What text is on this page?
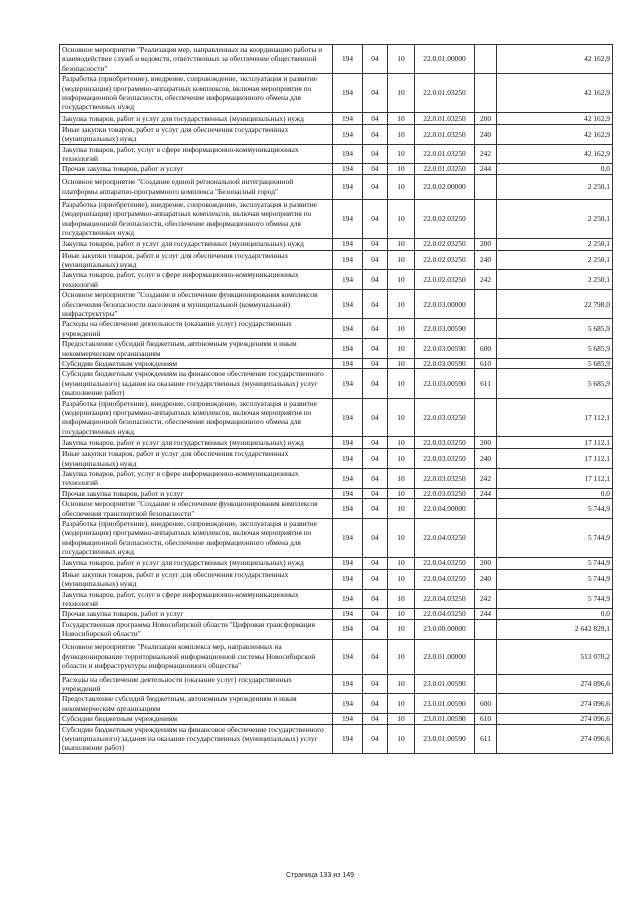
Основное мероприятие "Реализация мер, направленных на координацию работы и взаимодействие служб и ведомств, ответственных за обеспечение общественной безопасности"	194	04	10	22.0.01.00000		42 162,9
Разработка (приобретение), внедрение, сопровождение, эксплуатация и развитие (модернизация) программно-аппаратных комплексов, включая мероприятия по информационной безопасности, обеспечение информационного обмена для государственных нужд	194	04	10	22.0.01.03250		42 162,9
Закупка товаров, работ и услуг для государственных (муниципальных) нужд	194	04	10	22.0.01.03250	200	42 162,9
Иные закупки товаров, работ и услуг для обеспечения государственных (муниципальных) нужд	194	04	10	22.0.01.03250	240	42 162,9
Закупка товаров, работ, услуг в сфере информационно-коммуникационных технологий	194	04	10	22.0.01.03250	242	42 162,9
Прочая закупка товаров, работ и услуг	194	04	10	22.0.01.03250	244	0,0
Основное мероприятие "Создание единой региональной интеграционной платформы аппаратно-программного комплекса "Безопасный город"	194	04	10	22.0.02.00000		2 250,1
Разработка (приобретение), внедрение, сопровождение, эксплуатация и развитие (модернизация) программно-аппаратных комплексов, включая мероприятия по информационной безопасности, обеспечение информационного обмена для государственных нужд	194	04	10	22.0.02.03250		2 250,1
Закупка товаров, работ и услуг для государственных (муниципальных) нужд	194	04	10	22.0.02.03250	200	2 250,1
Иные закупки товаров, работ и услуг для обеспечения государственных (муниципальных) нужд	194	04	10	22.0.02.03250	240	2 250,1
Закупка товаров, работ, услуг в сфере информационно-коммуникационных технологий	194	04	10	22.0.02.03250	242	2 250,1
Основное мероприятие "Создание и обеспечение функционирования комплексов обеспечения безопасности населения и муниципальной (коммунальной) инфраструктуры"	194	04	10	22.0.03.00000		22 798,0
Расходы на обеспечение деятельности (оказание услуг) государственных учреждений	194	04	10	22.0.03.00590		5 685,9
Предоставление субсидий бюджетным, автономным учреждениям и иным некоммерческим организациям	194	04	10	22.0.03.00590	600	5 685,9
Субсидии бюджетным учреждениям	194	04	10	22.0.03.00590	610	5 685,9
Субсидии бюджетным учреждениям на финансовое обеспечение государственного (муниципального) задания на оказание государственных (муниципальных) услуг (выполнение работ)	194	04	10	22.0.03.00590	611	5 685,9
Разработка (приобретение), внедрение, сопровождение, эксплуатация и развитие (модернизация) программно-аппаратных комплексов, включая мероприятия по информационной безопасности, обеспечение информационного обмена для государственных нужд	194	04	10	22.0.03.03250		17 112,1
Закупка товаров, работ и услуг для государственных (муниципальных) нужд	194	04	10	22.0.03.03250	200	17 112,1
Иные закупки товаров, работ и услуг для обеспечения государственных (муниципальных) нужд	194	04	10	22.0.03.03250	240	17 112,1
Закупка товаров, работ, услуг в сфере информационно-коммуникационных технологий	194	04	10	22.0.03.03250	242	17 112,1
Прочая закупка товаров, работ и услуг	194	04	10	22.0.03.03250	244	0,0
Основное мероприятие "Создание и обеспечение функционирования комплексов обеспечения транспортной безопасности"	194	04	10	22.0.04.00000		5 744,9
Разработка (приобретение), внедрение, сопровождение, эксплуатация и развитие (модернизация) программно-аппаратных комплексов, включая мероприятия по информационной безопасности, обеспечение информационного обмена для государственных нужд	194	04	10	22.0.04.03250		5 744,9
Закупка товаров, работ и услуг для государственных (муниципальных) нужд	194	04	10	22.0.04.03250	200	5 744,9
Иные закупки товаров, работ и услуг для обеспечения государственных (муниципальных) нужд	194	04	10	22.0.04.03250	240	5 744,9
Закупка товаров, работ, услуг в сфере информационно-коммуникационных технологий	194	04	10	22.0.04.03250	242	5 744,9
Прочая закупка товаров, работ и услуг	194	04	10	22.0.04.03250	244	0,0
Государственная программа Новосибирской области "Цифровая трансформация Новосибирской области"	194	04	10	23.0.00.00000		2 642 829,1
Основное мероприятие "Реализация комплекса мер, направленных на функционирование территориальной информационной системы Новосибирской области и инфраструктуры информационного общества"	194	04	10	23.0.01.00000		513 070,2
Расходы на обеспечение деятельности (оказание услуг) государственных учреждений	194	04	10	23.0.01.00590		274 096,6
Предоставление субсидий бюджетным, автономным учреждениям и иным некоммерческим организациям	194	04	10	23.0.01.00590	600	274 096,6
Субсидии бюджетным учреждениям	194	04	10	23.0.01.00590	610	274 096,6
Субсидии бюджетным учреждениям на финансовое обеспечение государственного (муниципального) задания на оказание государственных (муниципальных) услуг (выполнение работ)	194	04	10	23.0.01.00590	611	274 096,6
Страница 133 из 149
